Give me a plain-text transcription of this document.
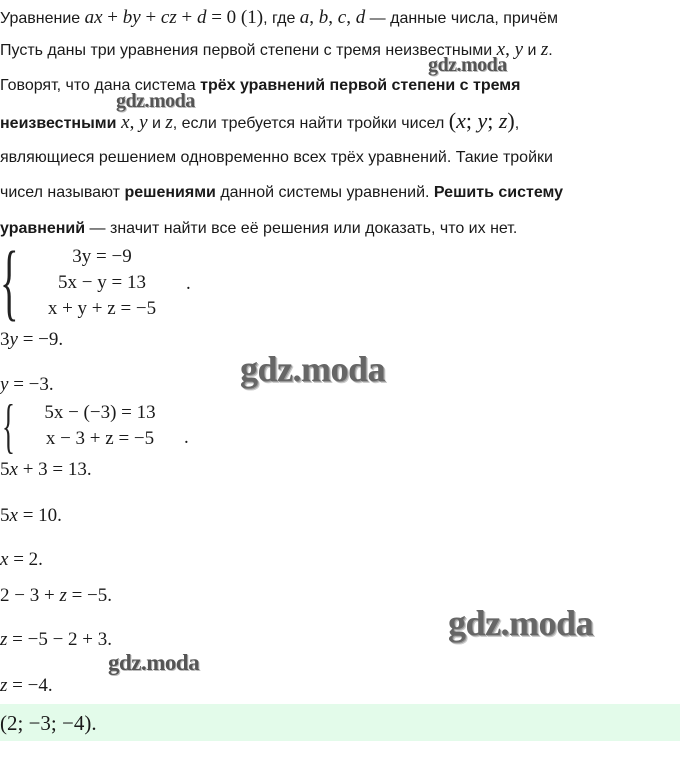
Уравнение ax + by + cz + d = 0 (1), где a, b, c, d — данные числа, причём
Пусть даны три уравнения первой степени с тремя неизвестными x, y и z.
Говорят, что дана система трёх уравнений первой степени с тремя
неизвестными x, y и z, если требуется найти тройки чисел (x; y; z),
являющиеся решением одновременно всех трёх уравнений. Такие тройки
чисел называют решениями данной системы уравнений. Решить систему
уравнений — значит найти все её решения или доказать, что их нет.
{	3y = −9
5x − y = 13
x + y + z = −5
.
3y = −9.
y = −3.
{	5x − (−3) = 13
x − 3 + z = −5	.
5x + 3 = 13.
5x = 10.
x = 2.
2 − 3 + z = −5.
z = −5 − 2 + 3.
z = −4.
(2; −3; −4).
gdz.moda
gdz.moda
gdz.moda
gdz.moda
gdz.moda
